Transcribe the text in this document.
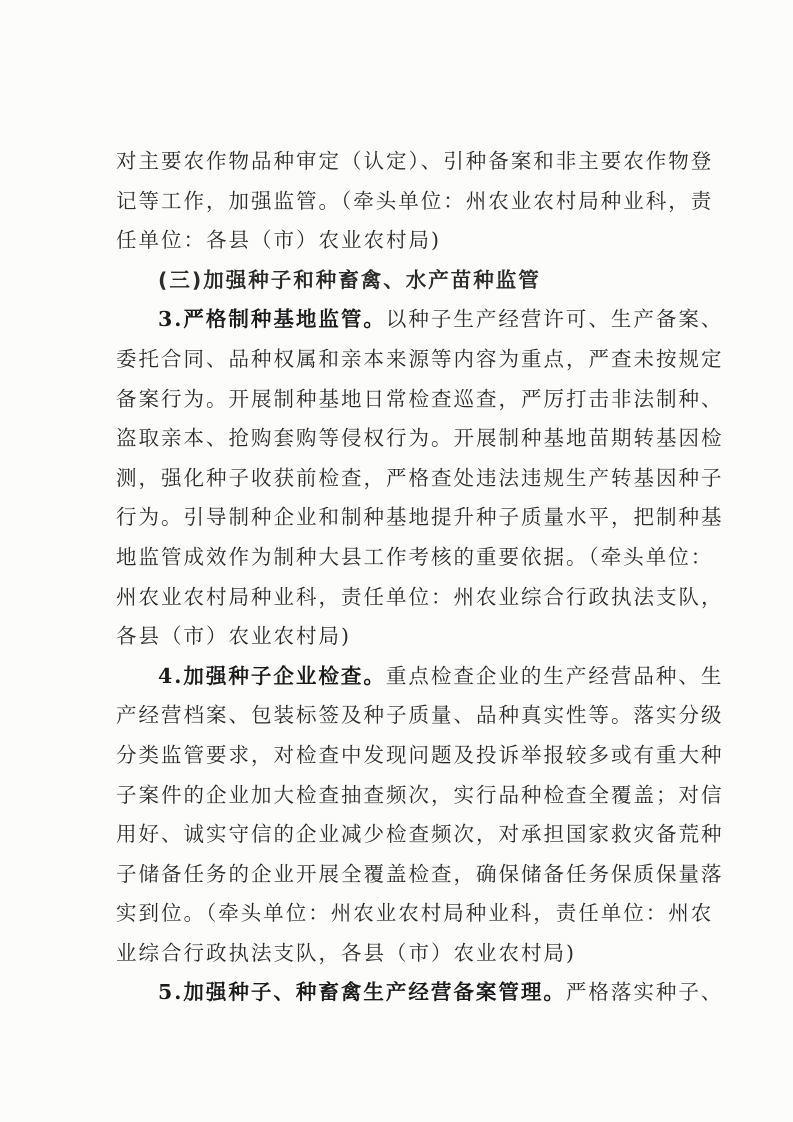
对主要农作物品种审定（认定）、引种备案和非主要农作物登
记等工作，加强监管。（牵头单位：州农业农村局种业科，责
任单位：各县（市）农业农村局)
(三)加强种子和种畜禽、水产苗种监管
3.严格制种基地监管。以种子生产经营许可、生产备案、
委托合同、品种权属和亲本来源等内容为重点，严查未按规定
备案行为。开展制种基地日常检查巡查，严厉打击非法制种、
盗取亲本、抢购套购等侵权行为。开展制种基地苗期转基因检
测，强化种子收获前检查，严格查处违法违规生产转基因种子
行为。引导制种企业和制种基地提升种子质量水平，把制种基
地监管成效作为制种大县工作考核的重要依据。（牵头单位：
州农业农村局种业科，责任单位：州农业综合行政执法支队，
各县（市）农业农村局)
4.加强种子企业检查。重点检查企业的生产经营品种、生
产经营档案、包装标签及种子质量、品种真实性等。落实分级
分类监管要求，对检查中发现问题及投诉举报较多或有重大种
子案件的企业加大检查抽查频次，实行品种检查全覆盖；对信
用好、诚实守信的企业减少检查频次，对承担国家救灾备荒种
子储备任务的企业开展全覆盖检查，确保储备任务保质保量落
实到位。（牵头单位：州农业农村局种业科，责任单位：州农
业综合行政执法支队，各县（市）农业农村局)
5.加强种子、种畜禽生产经营备案管理。严格落实种子、
